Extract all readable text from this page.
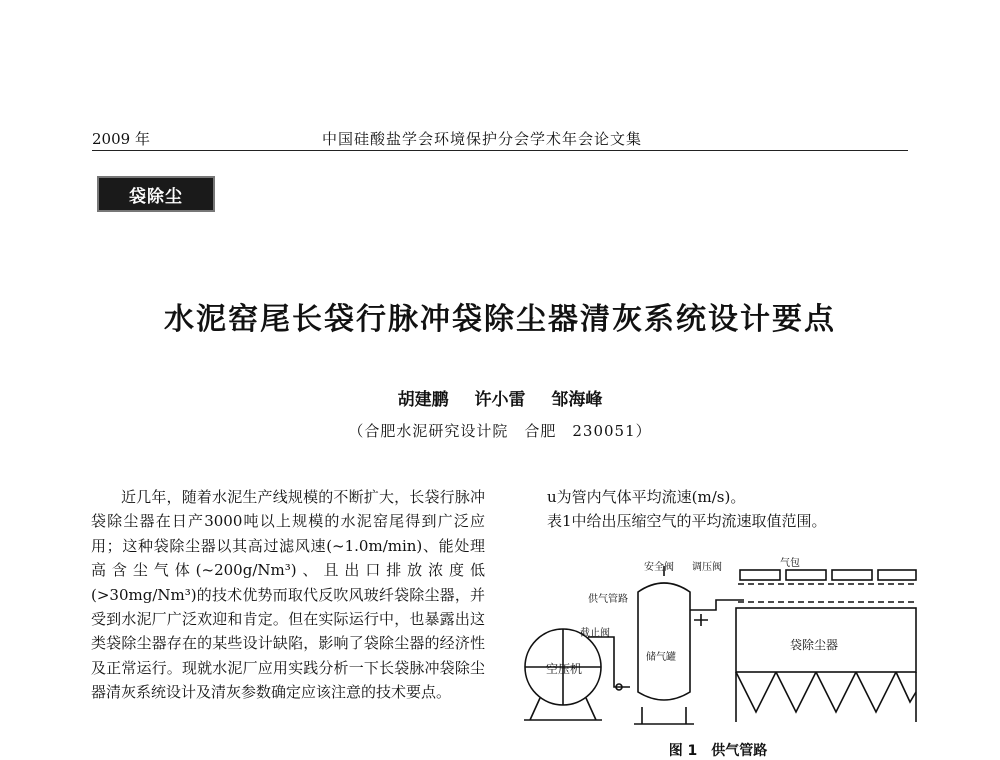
2009 年	中国硅酸盐学会环境保护分会学术年会论文集
袋除尘
水泥窑尾长袋行脉冲袋除尘器清灰系统设计要点
胡建鹏 许小雷 邹海峰
（合肥水泥研究设计院　合肥　230051）

近几年，随着水泥生产线规模的不断扩大，长袋行脉冲袋除尘器在日产3000吨以上规模的水泥窑尾得到广泛应用；这种袋除尘器以其高过滤风速(~1.0m/min)、能处理高含尘气体(~200g/Nm³)、且出口排放浓度低(>30mg/Nm³)的技术优势而取代反吹风玻纤袋除尘器，并受到水泥厂广泛欢迎和肯定。但在实际运行中，也暴露出这类袋除尘器存在的某些设计缺陷，影响了袋除尘器的经济性及正常运行。现就水泥厂应用实践分析一下长袋脉冲袋除尘器清灰系统设计及清灰参数确定应该注意的技术要点。

u为管内气体平均流速(m/s)。

表1中给出压缩空气的平均流速取值范围。

气包
安全阀 调压阀
供气管路
截止阀
空压机
储气罐
袋除尘器
图 1　供气管路
